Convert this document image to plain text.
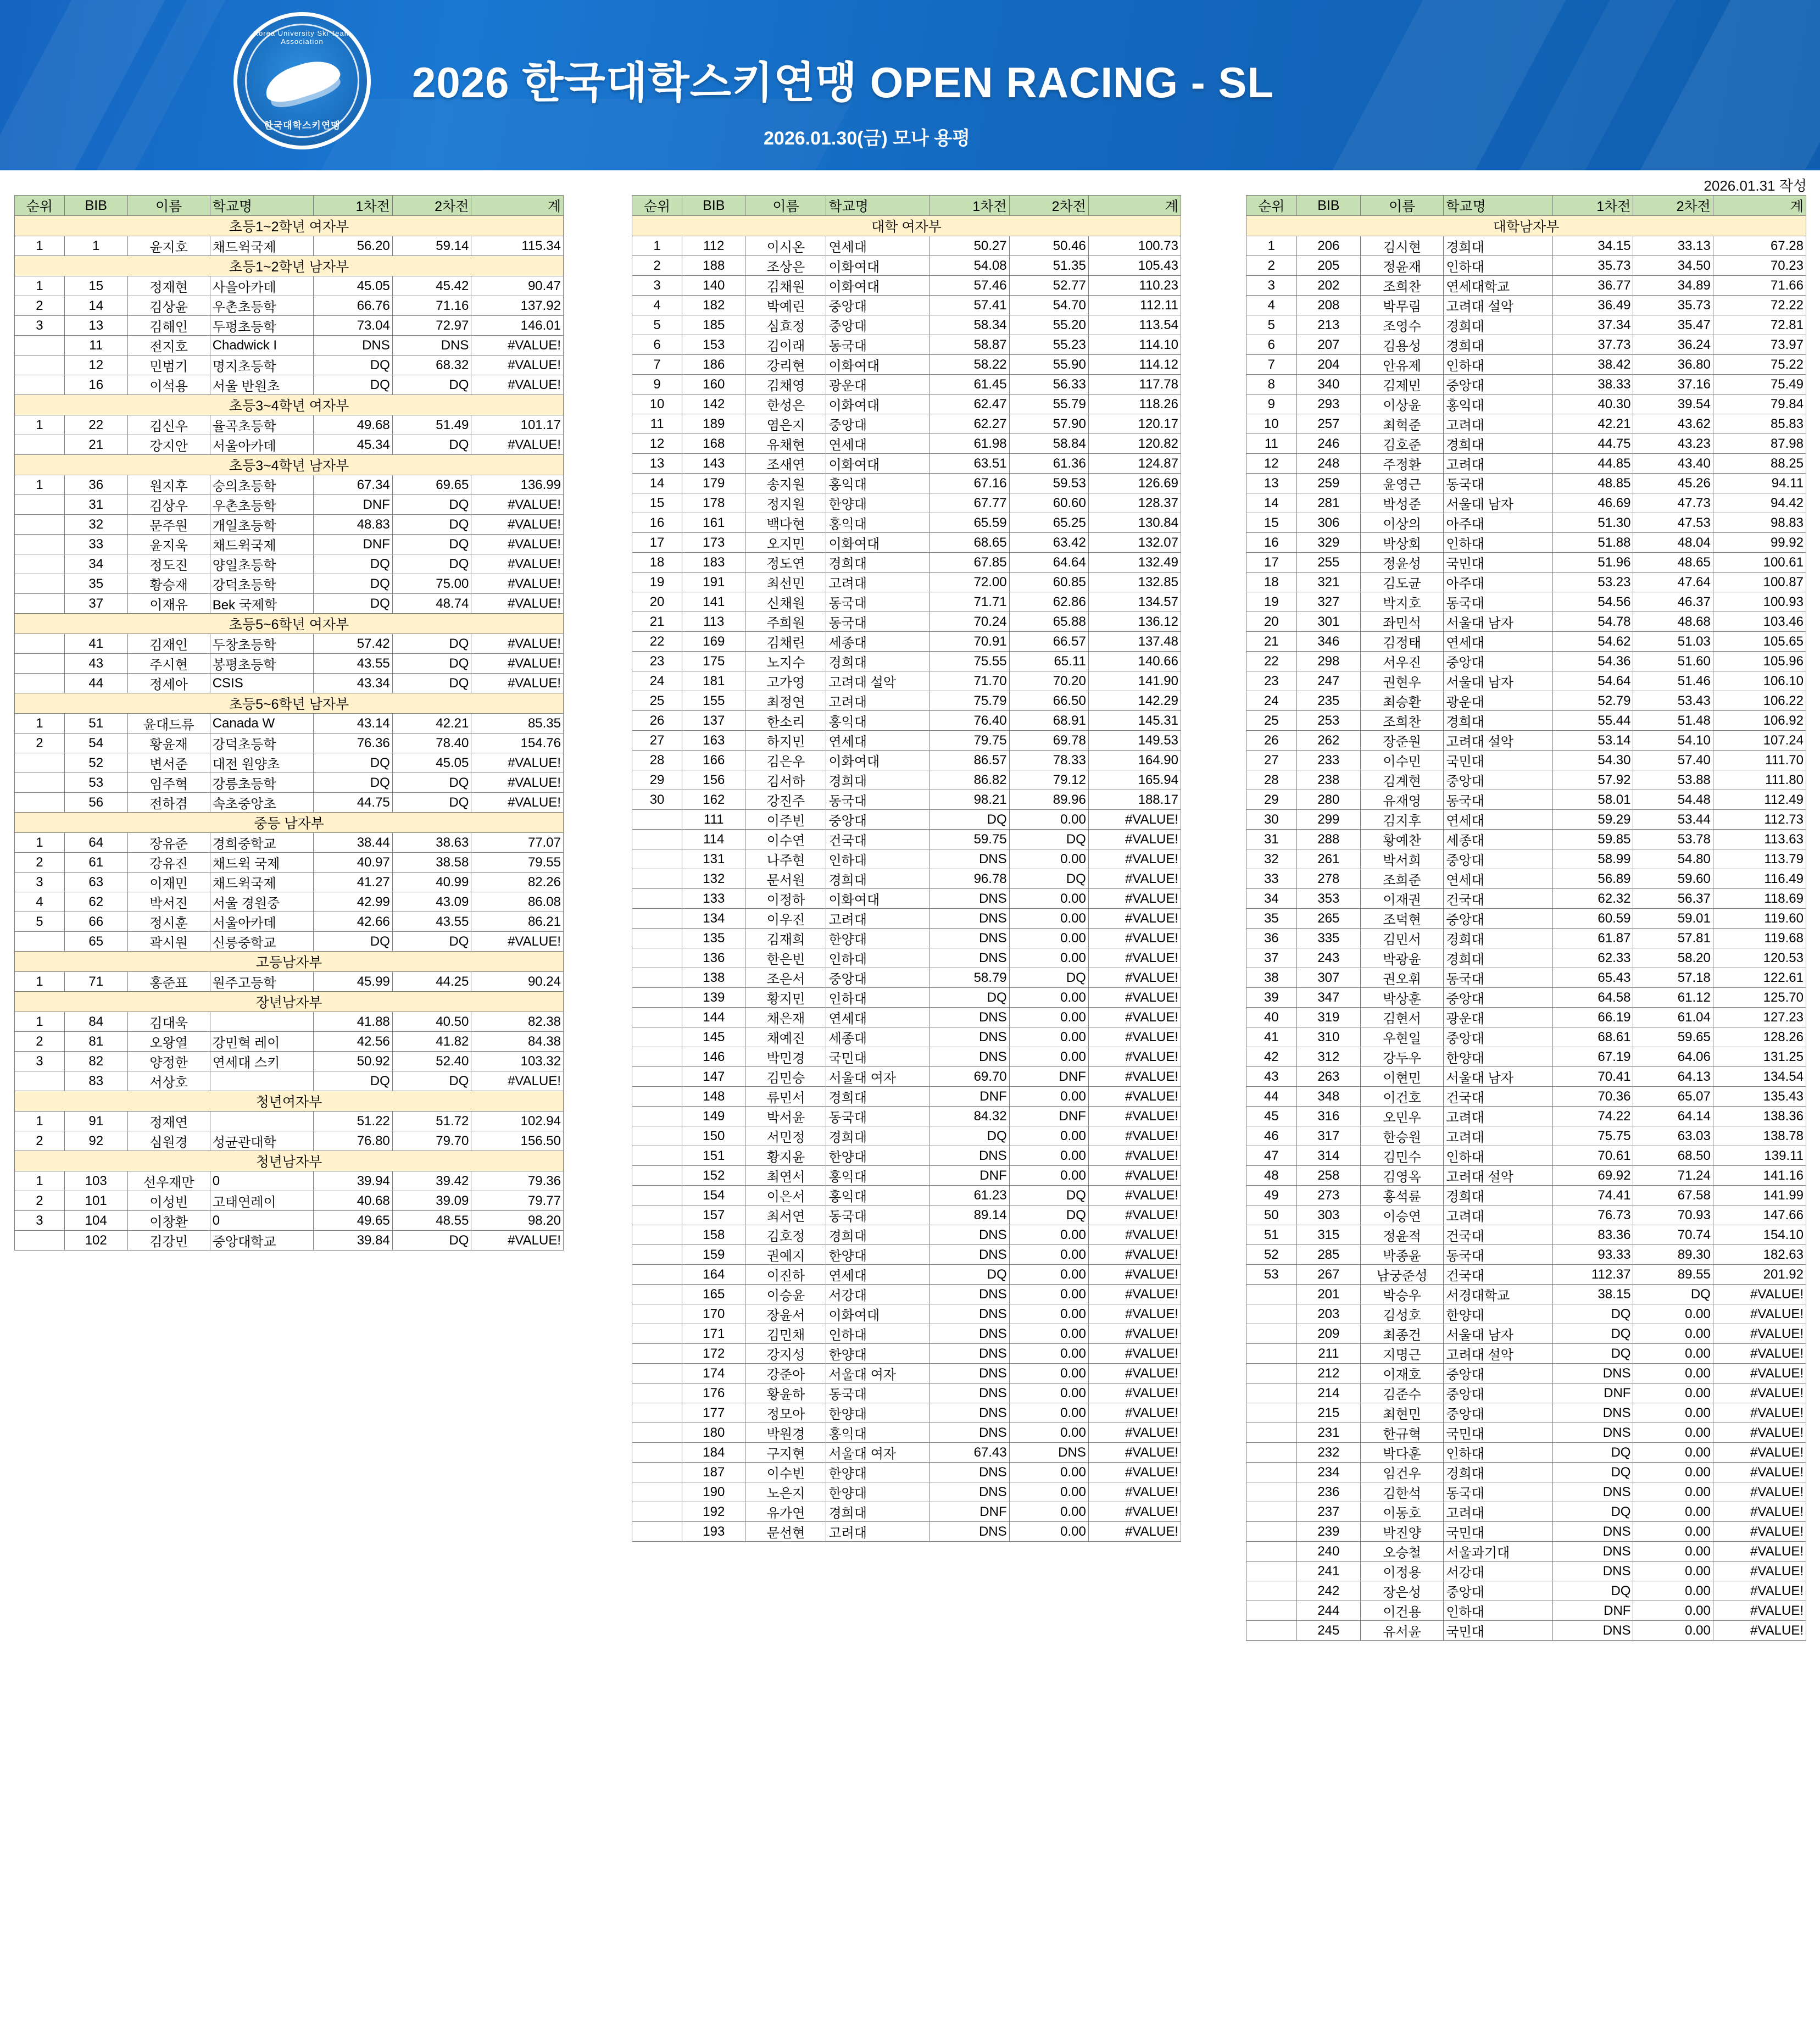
Korea University Ski Team Association
한국대학스키연맹
2026 한국대학스키연맹 OPEN RACING - SL
2026.01.30(금) 모나 용평
2026.01.31 작성
순위	BIB	이름	학교명	1차전	2차전	계
초등1~2학년 여자부						
1	1	윤지호	채드윅국제	56.20	59.14	115.34
초등1~2학년 남자부						
1	15	정재현	사을아카데	45.05	45.42	90.47
2	14	김상윤	우촌초등학	66.76	71.16	137.92
3	13	김해인	두펑초등학	73.04	72.97	146.01
	11	전지호	Chadwick I	DNS	DNS	#VALUE!
	12	민범기	명지초등학	DQ	68.32	#VALUE!
	16	이석용	서울 반원초	DQ	DQ	#VALUE!
초등3~4학년 여자부						
1	22	김신우	율곡초등학	49.68	51.49	101.17
	21	강지안	서울아카데	45.34	DQ	#VALUE!
초등3~4학년 남자부						
1	36	원지후	숭의초등학	67.34	69.65	136.99
	31	김상우	우촌초등학	DNF	DQ	#VALUE!
	32	문주원	개일초등학	48.83	DQ	#VALUE!
	33	윤지욱	채드윅국제	DNF	DQ	#VALUE!
	34	정도진	양일초등학	DQ	DQ	#VALUE!
	35	황승재	강덕초등학	DQ	75.00	#VALUE!
	37	이재유	Bek 국제학	DQ	48.74	#VALUE!
초등5~6학년 여자부						
	41	김재인	두창초등학	57.42	DQ	#VALUE!
	43	주시현	봉평초등학	43.55	DQ	#VALUE!
	44	정세아	CSIS	43.34	DQ	#VALUE!
초등5~6학년 남자부						
1	51	윤대드류	Canada W	43.14	42.21	85.35
2	54	황윤재	강덕초등학	76.36	78.40	154.76
	52	변서준	대전 원양초	DQ	45.05	#VALUE!
	53	임주혁	강릉초등학	DQ	DQ	#VALUE!
	56	전하겸	속초중앙초	44.75	DQ	#VALUE!
중등 남자부						
1	64	장유준	경희중학교	38.44	38.63	77.07
2	61	강유진	채드윅 국제	40.97	38.58	79.55
3	63	이재민	채드윅국제	41.27	40.99	82.26
4	62	박서진	서울 경원중	42.99	43.09	86.08
5	66	정시훈	서울아카데	42.66	43.55	86.21
	65	곽시원	신릉중학교	DQ	DQ	#VALUE!
고등남자부						
1	71	홍준표	원주고등학	45.99	44.25	90.24
장년남자부						
1	84	김대욱		41.88	40.50	82.38
2	81	오왕열	강민혁 레이	42.56	41.82	84.38
3	82	양정한	연세대 스키	50.92	52.40	103.32
	83	서상호		DQ	DQ	#VALUE!
청년여자부						
1	91	정재연		51.22	51.72	102.94
2	92	심원경	성균관대학	76.80	79.70	156.50
청년남자부						
1	103	선우재만	0	39.94	39.42	79.36
2	101	이성빈	고태연레이	40.68	39.09	79.77
3	104	이창환	0	49.65	48.55	98.20
	102	김강민	중앙대학교	39.84	DQ	#VALUE!
순위	BIB	이름	학교명	1차전	2차전	계
대학 여자부						
1	112	이시온	연세대	50.27	50.46	100.73
2	188	조상은	이화여대	54.08	51.35	105.43
3	140	김채원	이화여대	57.46	52.77	110.23
4	182	박예린	중앙대	57.41	54.70	112.11
5	185	심효정	중앙대	58.34	55.20	113.54
6	153	김이래	동국대	58.87	55.23	114.10
7	186	강리현	이화여대	58.22	55.90	114.12
9	160	김채영	광운대	61.45	56.33	117.78
10	142	한성은	이화여대	62.47	55.79	118.26
11	189	염은지	중앙대	62.27	57.90	120.17
12	168	유채현	연세대	61.98	58.84	120.82
13	143	조새연	이화여대	63.51	61.36	124.87
14	179	송지원	홍익대	67.16	59.53	126.69
15	178	정지원	한양대	67.77	60.60	128.37
16	161	백다현	홍익대	65.59	65.25	130.84
17	173	오지민	이화여대	68.65	63.42	132.07
18	183	정도연	경희대	67.85	64.64	132.49
19	191	최선민	고려대	72.00	60.85	132.85
20	141	신채원	동국대	71.71	62.86	134.57
21	113	주희원	동국대	70.24	65.88	136.12
22	169	김채린	세종대	70.91	66.57	137.48
23	175	노지수	경희대	75.55	65.11	140.66
24	181	고가영	고려대 설악	71.70	70.20	141.90
25	155	최정연	고려대	75.79	66.50	142.29
26	137	한소리	홍익대	76.40	68.91	145.31
27	163	하지민	연세대	79.75	69.78	149.53
28	166	김은우	이화여대	86.57	78.33	164.90
29	156	김서하	경희대	86.82	79.12	165.94
30	162	강진주	동국대	98.21	89.96	188.17
	111	이주빈	중앙대	DQ	0.00	#VALUE!
	114	이수연	건국대	59.75	DQ	#VALUE!
	131	나주현	인하대	DNS	0.00	#VALUE!
	132	문서원	경희대	96.78	DQ	#VALUE!
	133	이정하	이화여대	DNS	0.00	#VALUE!
	134	이우진	고려대	DNS	0.00	#VALUE!
	135	김재희	한양대	DNS	0.00	#VALUE!
	136	한은빈	인하대	DNS	0.00	#VALUE!
	138	조은서	중앙대	58.79	DQ	#VALUE!
	139	황지민	인하대	DQ	0.00	#VALUE!
	144	채은재	연세대	DNS	0.00	#VALUE!
	145	채예진	세종대	DNS	0.00	#VALUE!
	146	박민경	국민대	DNS	0.00	#VALUE!
	147	김민승	서울대 여자	69.70	DNF	#VALUE!
	148	류민서	경희대	DNF	0.00	#VALUE!
	149	박서윤	동국대	84.32	DNF	#VALUE!
	150	서민정	경희대	DQ	0.00	#VALUE!
	151	황지윤	한양대	DNS	0.00	#VALUE!
	152	최연서	홍익대	DNF	0.00	#VALUE!
	154	이은서	홍익대	61.23	DQ	#VALUE!
	157	최서연	동국대	89.14	DQ	#VALUE!
	158	김호정	경희대	DNS	0.00	#VALUE!
	159	권예지	한양대	DNS	0.00	#VALUE!
	164	이진하	연세대	DQ	0.00	#VALUE!
	165	이승윤	서강대	DNS	0.00	#VALUE!
	170	장윤서	이화여대	DNS	0.00	#VALUE!
	171	김민채	인하대	DNS	0.00	#VALUE!
	172	강지성	한양대	DNS	0.00	#VALUE!
	174	강준아	서울대 여자	DNS	0.00	#VALUE!
	176	황윤하	동국대	DNS	0.00	#VALUE!
	177	정모아	한양대	DNS	0.00	#VALUE!
	180	박원경	홍익대	DNS	0.00	#VALUE!
	184	구지현	서울대 여자	67.43	DNS	#VALUE!
	187	이수빈	한양대	DNS	0.00	#VALUE!
	190	노은지	한양대	DNS	0.00	#VALUE!
	192	유가연	경희대	DNF	0.00	#VALUE!
	193	문선현	고려대	DNS	0.00	#VALUE!
순위	BIB	이름	학교명	1차전	2차전	계
대학남자부						
1	206	김시현	경희대	34.15	33.13	67.28
2	205	정윤재	인하대	35.73	34.50	70.23
3	202	조희찬	연세대학교	36.77	34.89	71.66
4	208	박무림	고려대 설악	36.49	35.73	72.22
5	213	조영수	경희대	37.34	35.47	72.81
6	207	김용성	경희대	37.73	36.24	73.97
7	204	안유제	인하대	38.42	36.80	75.22
8	340	김제민	중앙대	38.33	37.16	75.49
9	293	이상윤	홍익대	40.30	39.54	79.84
10	257	최혁준	고려대	42.21	43.62	85.83
11	246	김호준	경희대	44.75	43.23	87.98
12	248	주정환	고려대	44.85	43.40	88.25
13	259	윤영근	동국대	48.85	45.26	94.11
14	281	박성준	서울대 남자	46.69	47.73	94.42
15	306	이상의	아주대	51.30	47.53	98.83
16	329	박상회	인하대	51.88	48.04	99.92
17	255	정윤성	국민대	51.96	48.65	100.61
18	321	김도균	아주대	53.23	47.64	100.87
19	327	박지호	동국대	54.56	46.37	100.93
20	301	좌민석	서울대 남자	54.78	48.68	103.46
21	346	김정태	연세대	54.62	51.03	105.65
22	298	서우진	중앙대	54.36	51.60	105.96
23	247	권현우	서울대 남자	54.64	51.46	106.10
24	235	최승환	광운대	52.79	53.43	106.22
25	253	조희찬	경희대	55.44	51.48	106.92
26	262	장준원	고려대 설악	53.14	54.10	107.24
27	233	이수민	국민대	54.30	57.40	111.70
28	238	김계현	중앙대	57.92	53.88	111.80
29	280	유재영	동국대	58.01	54.48	112.49
30	299	김지후	연세대	59.29	53.44	112.73
31	288	황예찬	세종대	59.85	53.78	113.63
32	261	박서희	중앙대	58.99	54.80	113.79
33	278	조희준	연세대	56.89	59.60	116.49
34	353	이재권	건국대	62.32	56.37	118.69
35	265	조덕현	중앙대	60.59	59.01	119.60
36	335	김민서	경희대	61.87	57.81	119.68
37	243	박광윤	경희대	62.33	58.20	120.53
38	307	권오휘	동국대	65.43	57.18	122.61
39	347	박상훈	중앙대	64.58	61.12	125.70
40	319	김현서	광운대	66.19	61.04	127.23
41	310	우현일	중앙대	68.61	59.65	128.26
42	312	강두우	한양대	67.19	64.06	131.25
43	263	이현민	서울대 남자	70.41	64.13	134.54
44	348	이건호	건국대	70.36	65.07	135.43
45	316	오민우	고려대	74.22	64.14	138.36
46	317	한승원	고려대	75.75	63.03	138.78
47	314	김민수	인하대	70.61	68.50	139.11
48	258	김영옥	고려대 설악	69.92	71.24	141.16
49	273	홍석륜	경희대	74.41	67.58	141.99
50	303	이승연	고려대	76.73	70.93	147.66
51	315	정윤적	건국대	83.36	70.74	154.10
52	285	박종윤	동국대	93.33	89.30	182.63
53	267	남궁준성	건국대	112.37	89.55	201.92
	201	박승우	서경대학교	38.15	DQ	#VALUE!
	203	김성호	한양대	DQ	0.00	#VALUE!
	209	최종건	서울대 남자	DQ	0.00	#VALUE!
	211	지명근	고려대 설악	DQ	0.00	#VALUE!
	212	이재호	중앙대	DNS	0.00	#VALUE!
	214	김준수	중앙대	DNF	0.00	#VALUE!
	215	최현민	중앙대	DNS	0.00	#VALUE!
	231	한규혁	국민대	DNS	0.00	#VALUE!
	232	박다훈	인하대	DQ	0.00	#VALUE!
	234	임건우	경희대	DQ	0.00	#VALUE!
	236	김한석	동국대	DNS	0.00	#VALUE!
	237	이동호	고려대	DQ	0.00	#VALUE!
	239	박진양	국민대	DNS	0.00	#VALUE!
	240	오승철	서울과기대	DNS	0.00	#VALUE!
	241	이정용	서강대	DNS	0.00	#VALUE!
	242	장은성	중앙대	DQ	0.00	#VALUE!
	244	이건용	인하대	DNF	0.00	#VALUE!
	245	유서윤	국민대	DNS	0.00	#VALUE!
